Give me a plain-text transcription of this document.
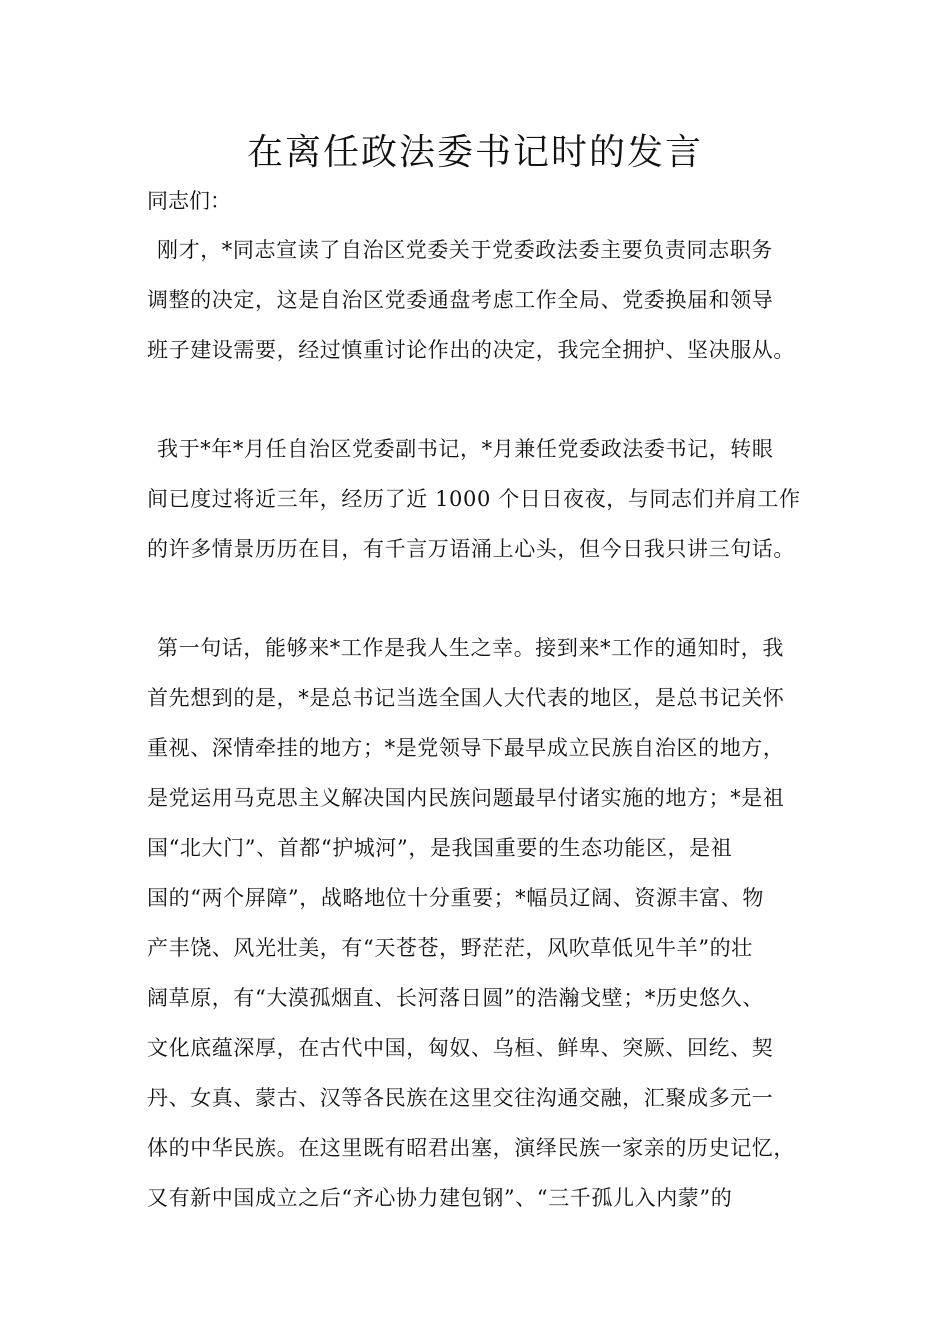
在离任政法委书记时的发言

同志们：

刚才，*同志宣读了自治区党委关于党委政法委主要负责同志职务

调整的决定，这是自治区党委通盘考虑工作全局、党委换届和领导

班子建设需要，经过慎重讨论作出的决定，我完全拥护、坚决服从。

我于*年*月任自治区党委副书记，*月兼任党委政法委书记，转眼

间已度过将近三年，经历了近 1000 个日日夜夜，与同志们并肩工作

的许多情景历历在目，有千言万语涌上心头，但今日我只讲三句话。

第一句话，能够来*工作是我人生之幸。接到来*工作的通知时，我

首先想到的是，*是总书记当选全国人大代表的地区，是总书记关怀

重视、深情牵挂的地方；*是党领导下最早成立民族自治区的地方，

是党运用马克思主义解决国内民族问题最早付诸实施的地方；*是祖

国“北大门”、首都“护城河”，是我国重要的生态功能区，是祖

国的“两个屏障”，战略地位十分重要；*幅员辽阔、资源丰富、物

产丰饶、风光壮美，有“天苍苍，野茫茫，风吹草低见牛羊”的壮

阔草原，有“大漠孤烟直、长河落日圆”的浩瀚戈壁；*历史悠久、

文化底蕴深厚，在古代中国，匈奴、乌桓、鲜卑、突厥、回纥、契

丹、女真、蒙古、汉等各民族在这里交往沟通交融，汇聚成多元一

体的中华民族。在这里既有昭君出塞，演绎民族一家亲的历史记忆，

又有新中国成立之后“齐心协力建包钢”、“三千孤儿入内蒙”的
